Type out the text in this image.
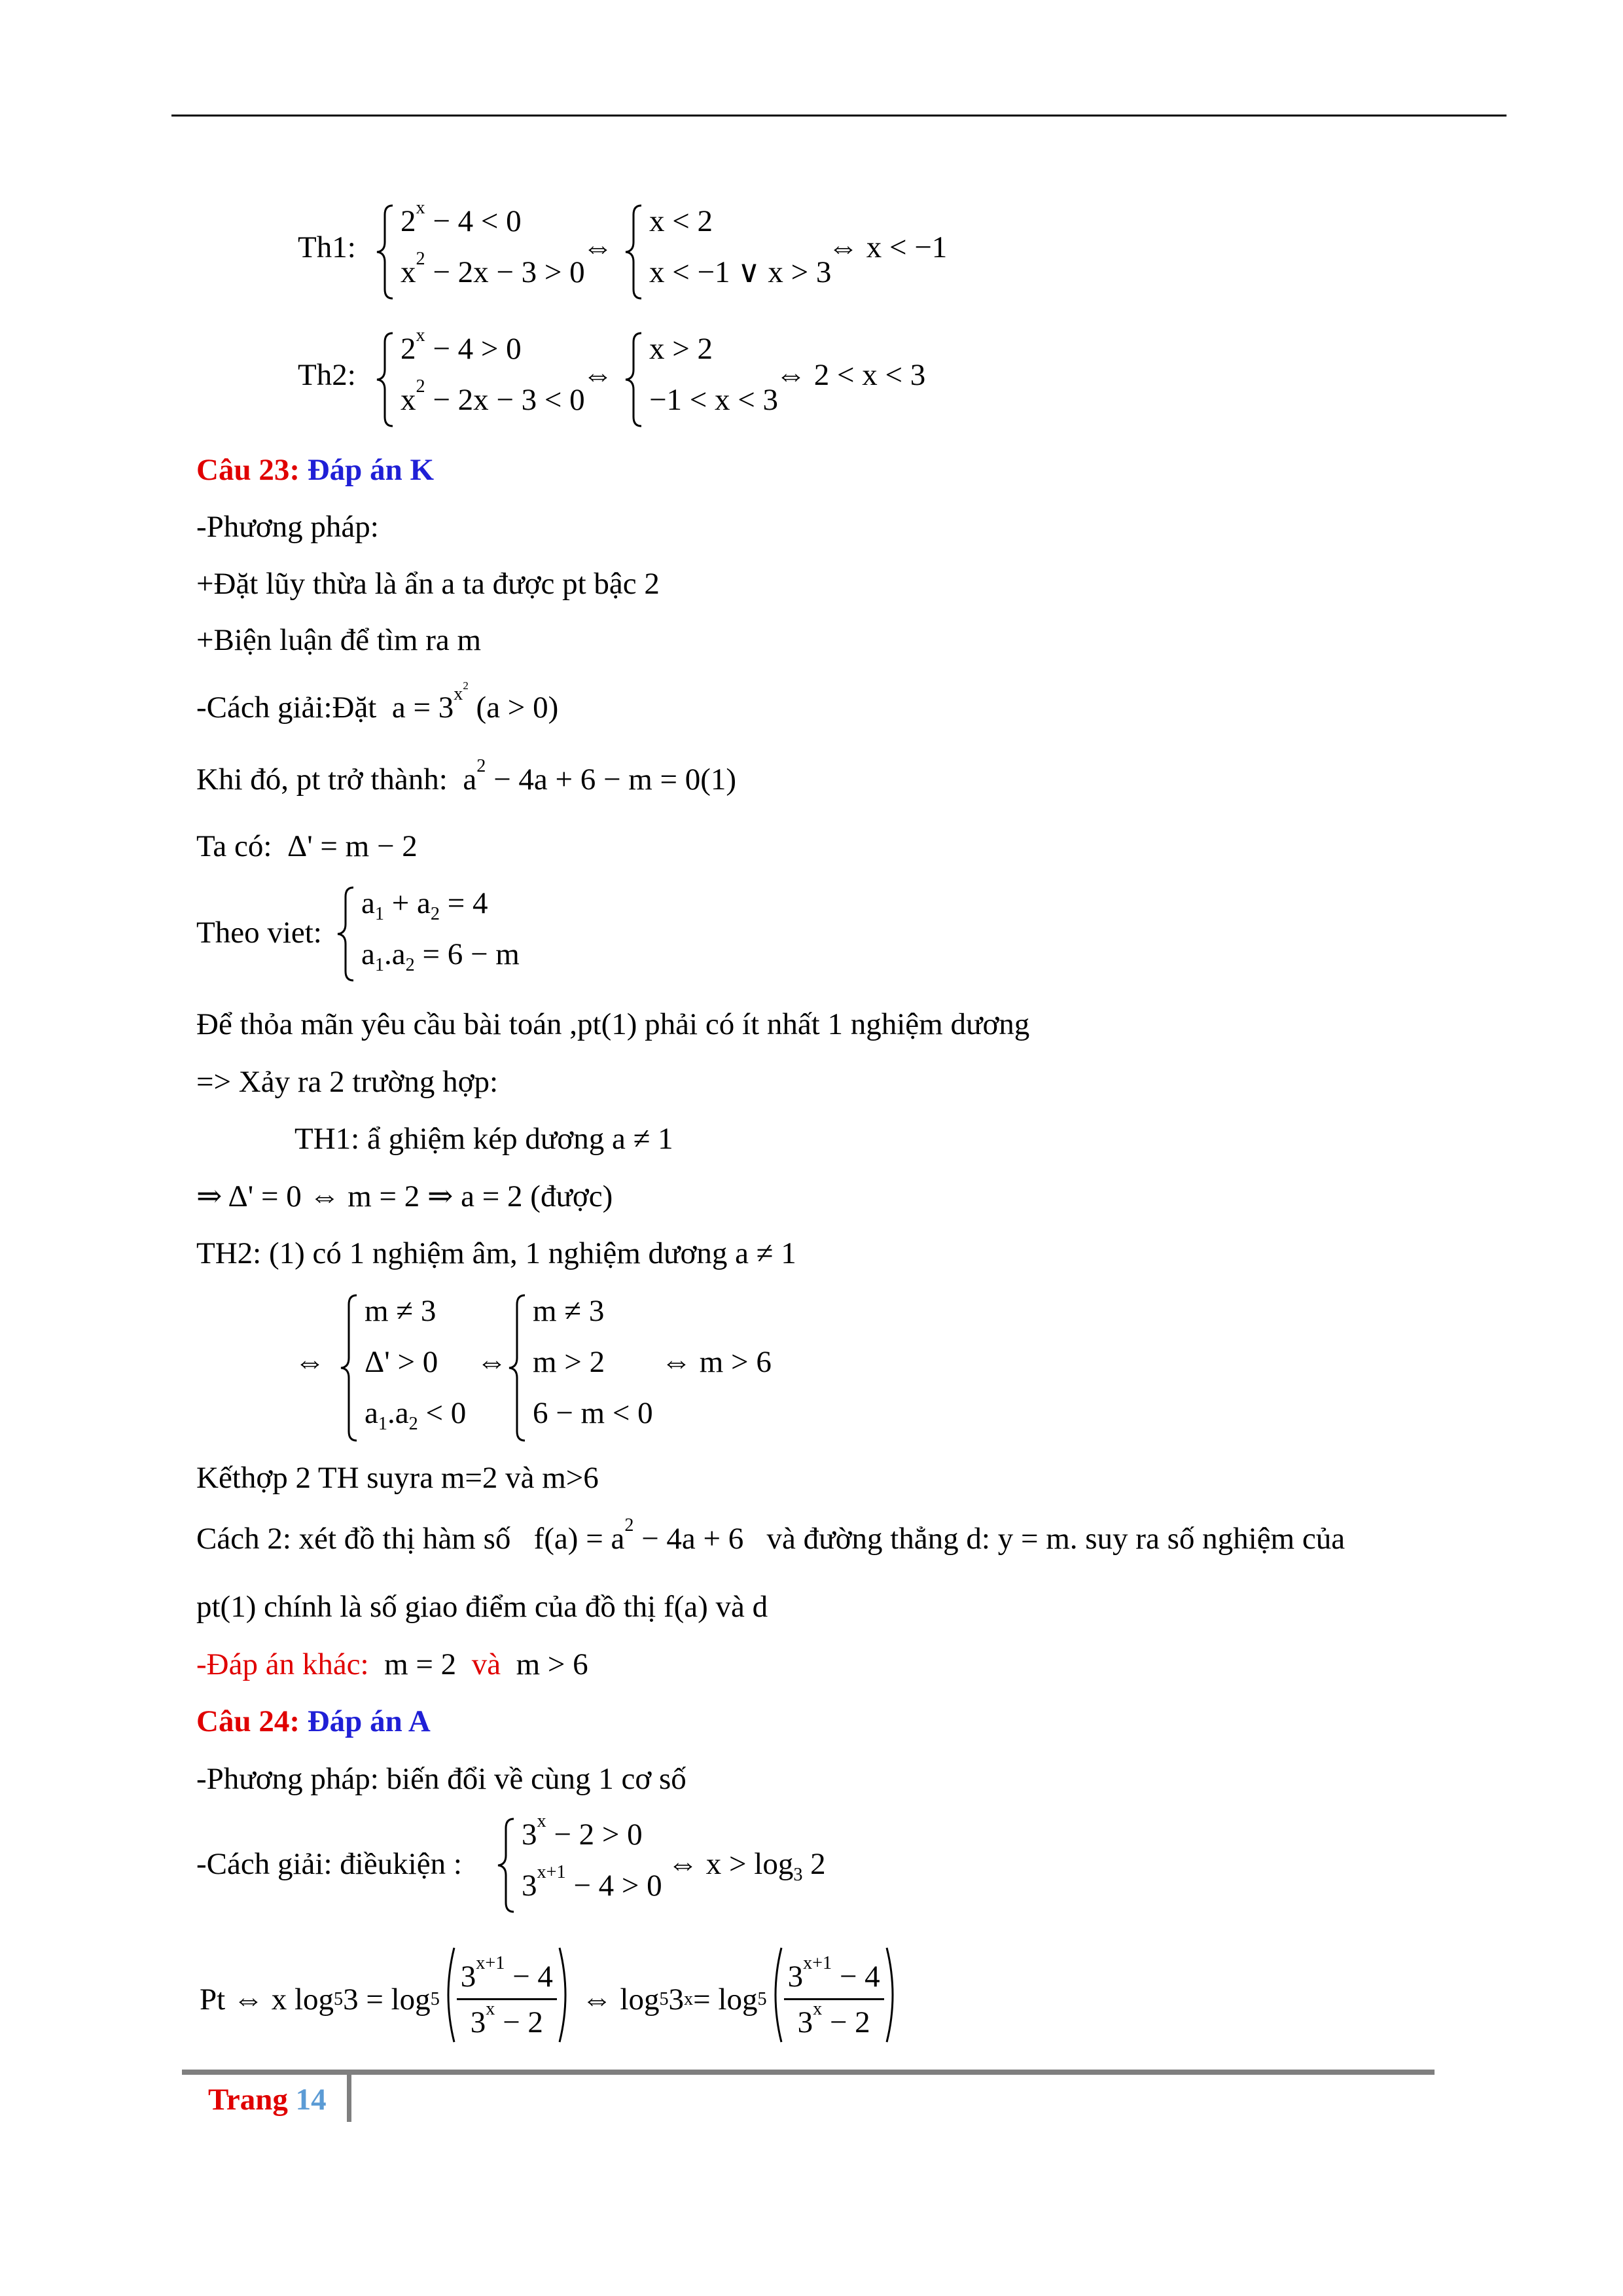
Th1:
$2^x - 4 < 0$
$x^2 - 2x - 3 > 0$
⇔
x < 2
x < −1 ∨ x > 3
⇔ x < −1
Th2:
$2^x - 4 > 0$
$x^2 - 2x - 3 < 0$
⇔
x > 2
−1 < x < 3
⇔ 2 < x < 3
Câu 23: Đáp án K
-Phương pháp:
+Đặt lũy thừa là ẩn a ta được pt bậc 2
+Biện luận để tìm ra m
-Cách giải:Đặt  $a = 3^{x^2}$ (a > 0)
Khi đó, pt trở thành:  $a^2 - 4a + 6 - m = 0(1)$
Ta có: Δ' = m − 2
Theo viet:
$a_1 + a_2 = 4$
$a_1.a_2 = 6 - m$
Để thỏa mãn yêu cầu bài toán ,pt(1) phải có ít nhất 1 nghiệm dương
=> Xảy ra 2 trường hợp:
TH1: ẩ ghiệm kép dương a ≠ 1
⇒ Δ' = 0 ⇔ m = 2 ⇒ a = 2 (được)
TH2: (1) có 1 nghiệm âm, 1 nghiệm dương a ≠ 1
⇔
m ≠ 3
Δ' > 0
$a_1.a_2 < 0$
⇔
m ≠ 3
m > 2
6 − m < 0
⇔ m > 6
Kếthợp 2 TH suyra m=2 và m>6
Cách 2: xét đồ thị hàm số   $f(a) = a^2 - 4a + 6$   và đường thẳng d: y = m. suy ra số nghiệm của
pt(1) chính là số giao điểm của đồ thị f(a) và d
-Đáp án khác: m = 2 và m > 6
Câu 24: Đáp án A
-Phương pháp: biến đổi về cùng 1 cơ số
-Cách giải: điềukiện :
$3^x - 2 > 0$
$3^{x+1} - 4 > 0$
⇔ $x > \log_3 2$
Pt ⇔ x log 5 $3 = \log 5 \frac{3^{x+1} - 4}{3^x - 2}$ ⇔ log 5 3 $x = \log 5 \frac{3^{x+1} - 4}{3^x - 2}$
Trang 14
